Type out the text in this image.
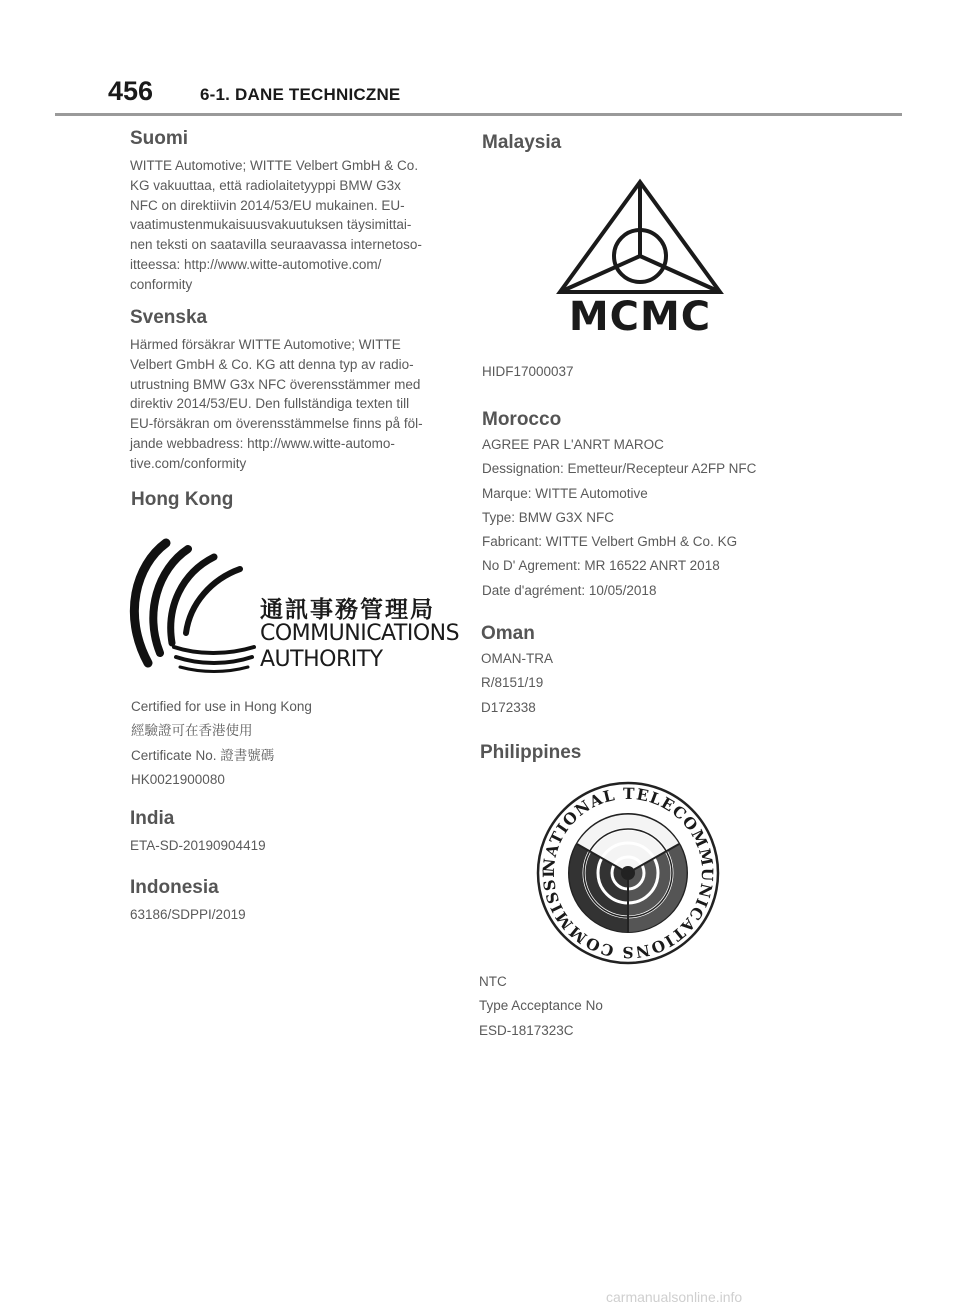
456	6-1. DANE TECHNICZNE
Suomi
WITTE Automotive; WITTE Velbert GmbH & Co.
KG vakuuttaa, että radiolaitetyyppi BMW G3x
NFC on direktiivin 2014/53/EU mukainen. EU-
vaatimustenmukaisuusvakuutuksen täysimittai-
nen teksti on saatavilla seuraavassa internetoso-
itteessa: http://www.witte-automotive.com/
conformity
Svenska
Härmed försäkrar WITTE Automotive; WITTE
Velbert GmbH & Co. KG att denna typ av radio-
utrustning BMW G3x NFC överensstämmer med
direktiv 2014/53/EU. Den fullständiga texten till
EU-försäkran om överensstämmelse finns på föl-
jande webbadress: http://www.witte-automo-
tive.com/conformity
Hong Kong
通訊事務管理局
COMMUNICATIONS
AUTHORITY
Certified for use in Hong Kong
經驗證可在香港使用
Certificate No. 證書號碼
HK0021900080
India
ETA-SD-20190904419
Indonesia
63186/SDPPI/2019
Malaysia
MCMC
HIDF17000037
Morocco
AGREE PAR L'ANRT MAROC
Dessignation: Emetteur/Recepteur A2FP NFC
Marque: WITTE Automotive
Type: BMW G3X NFC
Fabricant: WITTE Velbert GmbH & Co. KG
No D' Agrement: MR 16522 ANRT 2018
Date d'agrément: 10/05/2018
Oman
OMAN-TRA
R/8151/19
D172338
Philippines
NATIONAL TELECOMMUNICATIONS COMMISSI
NTC
Type Acceptance No
ESD-1817323C
carmanualsonline.info
